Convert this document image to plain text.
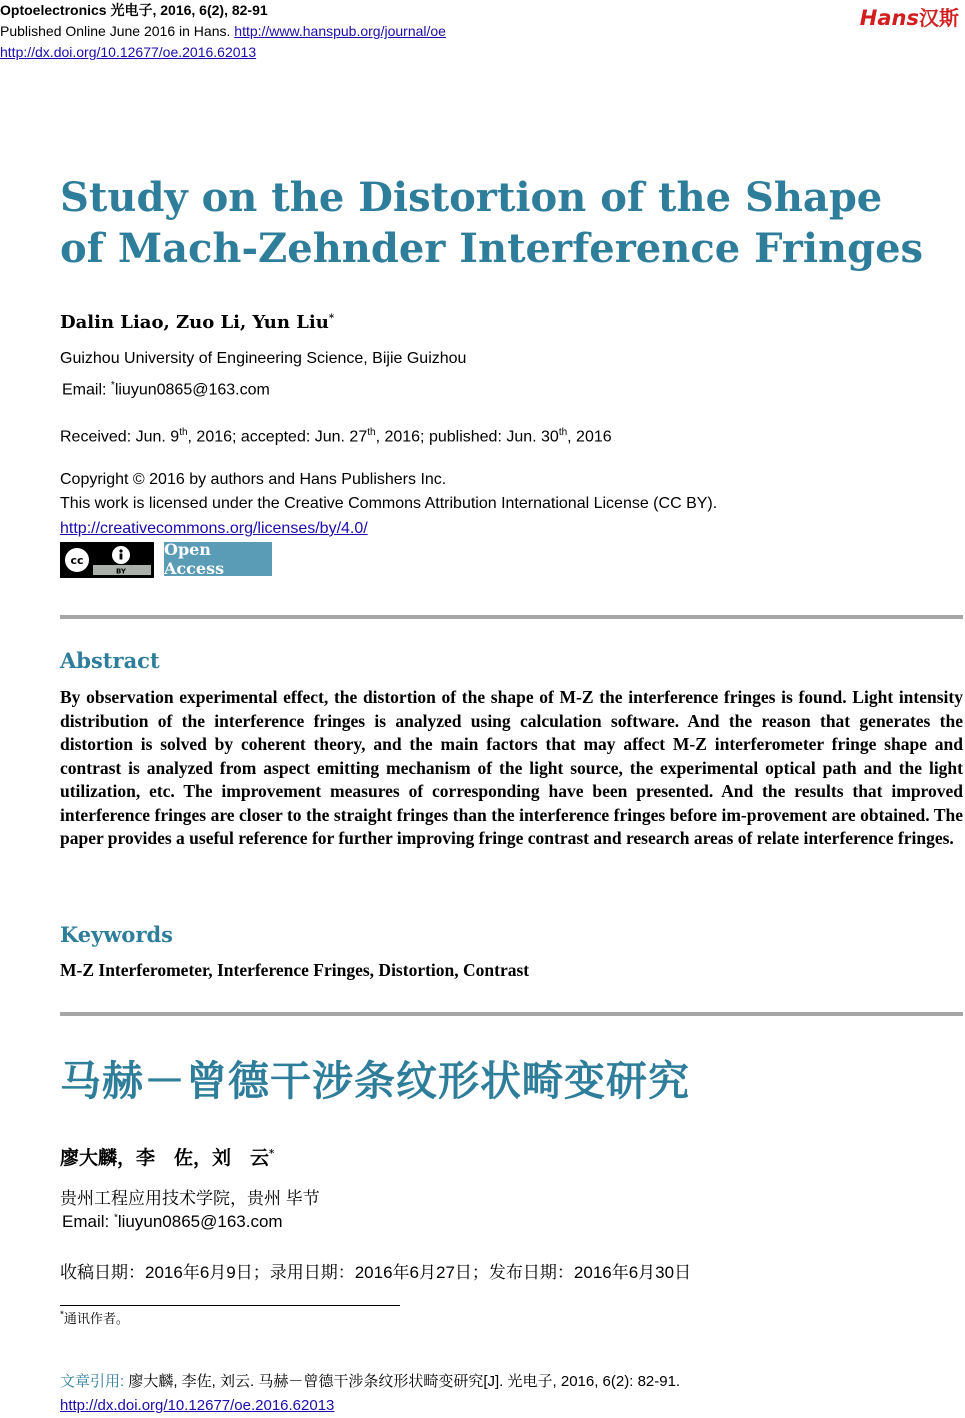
Optoelectronics 光电子, 2016, 6(2), 82-91
Published Online June 2016 in Hans. http://www.hanspub.org/journal/oe
http://dx.doi.org/10.12677/oe.2016.62013
Hans汉斯
Study on the Distortion of the Shape of Mach-Zehnder Interference Fringes
Dalin Liao, Zuo Li, Yun Liu*
Guizhou University of Engineering Science, Bijie Guizhou
Email: *liuyun0865@163.com
Received: Jun. 9th, 2016; accepted: Jun. 27th, 2016; published: Jun. 30th, 2016
Copyright © 2016 by authors and Hans Publishers Inc.
This work is licensed under the Creative Commons Attribution International License (CC BY).
http://creativecommons.org/licenses/by/4.0/
cc
BY
Open Access
Abstract
By observation experimental effect, the distortion of the shape of M-Z the interference fringes is found. Light intensity distribution of the interference fringes is analyzed using calculation software. And the reason that generates the distortion is solved by coherent theory, and the main factors that may affect M-Z interferometer fringe shape and contrast is analyzed from aspect emitting mechanism of the light source, the experimental optical path and the light utilization, etc. The improvement measures of corresponding have been presented. And the results that improved interference fringes are closer to the straight fringes than the interference fringes before im-provement are obtained. The paper provides a useful reference for further improving fringe contrast and research areas of relate interference fringes.
Keywords
M-Z Interferometer, Interference Fringes, Distortion, Contrast
马赫－曾德干涉条纹形状畸变研究
廖大麟，李　佐，刘　云*
贵州工程应用技术学院，贵州 毕节
Email: *liuyun0865@163.com
收稿日期：2016年6月9日；录用日期：2016年6月27日；发布日期：2016年6月30日
*通讯作者。
文章引用: 廖大麟, 李佐, 刘云. 马赫－曾德干涉条纹形状畸变研究[J]. 光电子, 2016, 6(2): 82-91.
http://dx.doi.org/10.12677/oe.2016.62013
